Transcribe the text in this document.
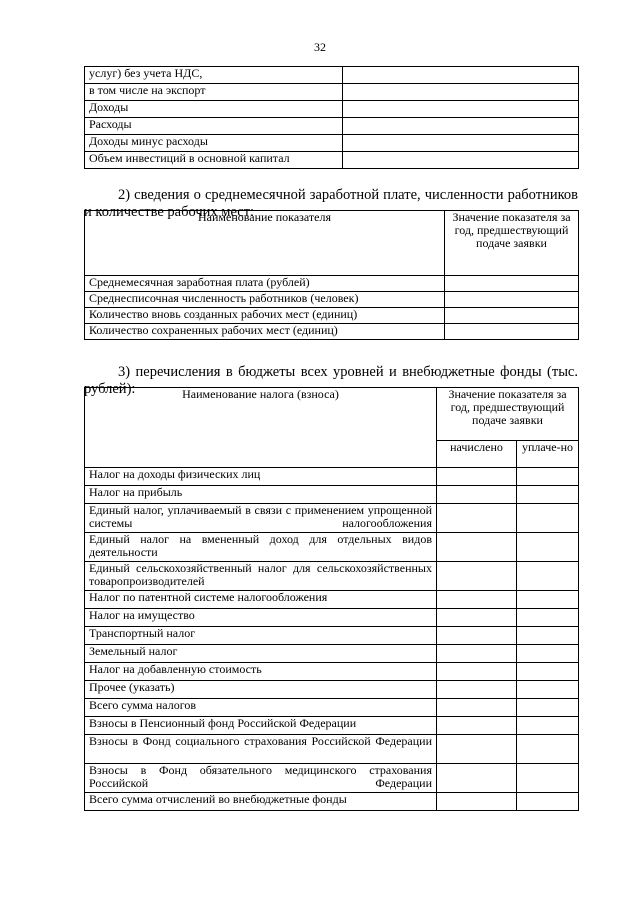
32
услуг) без учета НДС,	
в том числе на экспорт	
Доходы	
Расходы	
Доходы минус расходы	
Объем инвестиций в основной капитал	

2) сведения о среднемесячной заработной плате, численности работников и количестве рабочих мест:

Наименование показателя	Значение показателя за год, предшествующий подаче заявки
Среднемесячная заработная плата (рублей)	
Среднесписочная численность работников (человек)	
Количество вновь созданных рабочих мест (единиц)	
Количество сохраненных рабочих мест (единиц)	

3) перечисления в бюджеты всех уровней и внебюджетные фонды (тыс. рублей):	Наименование налога (взноса)	Значение показателя за год, предшествующий подаче заявки	
	начислено	уплаче-но
Налог на доходы физических лиц		
Налог на прибыль		
Единый налог, уплачиваемый в связи с применением упрощенной системы налогообложения		
Единый налог на вмененный доход для отдельных видов деятельности		
Единый сельскохозяйственный налог для сельскохозяйственных товаропроизводителей		
Налог по патентной системе налогообложения		
Налог на имущество		
Транспортный налог		
Земельный налог		
Налог на добавленную стоимость		
Прочее (указать)		
Всего сумма налогов		
Взносы в Пенсионный фонд Российской Федерации		
Взносы в Фонд социального страхования Российской Федерации		
Взносы в Фонд обязательного медицинского страхования Российской Федерации		
Всего сумма отчислений во внебюджетные фонды		
